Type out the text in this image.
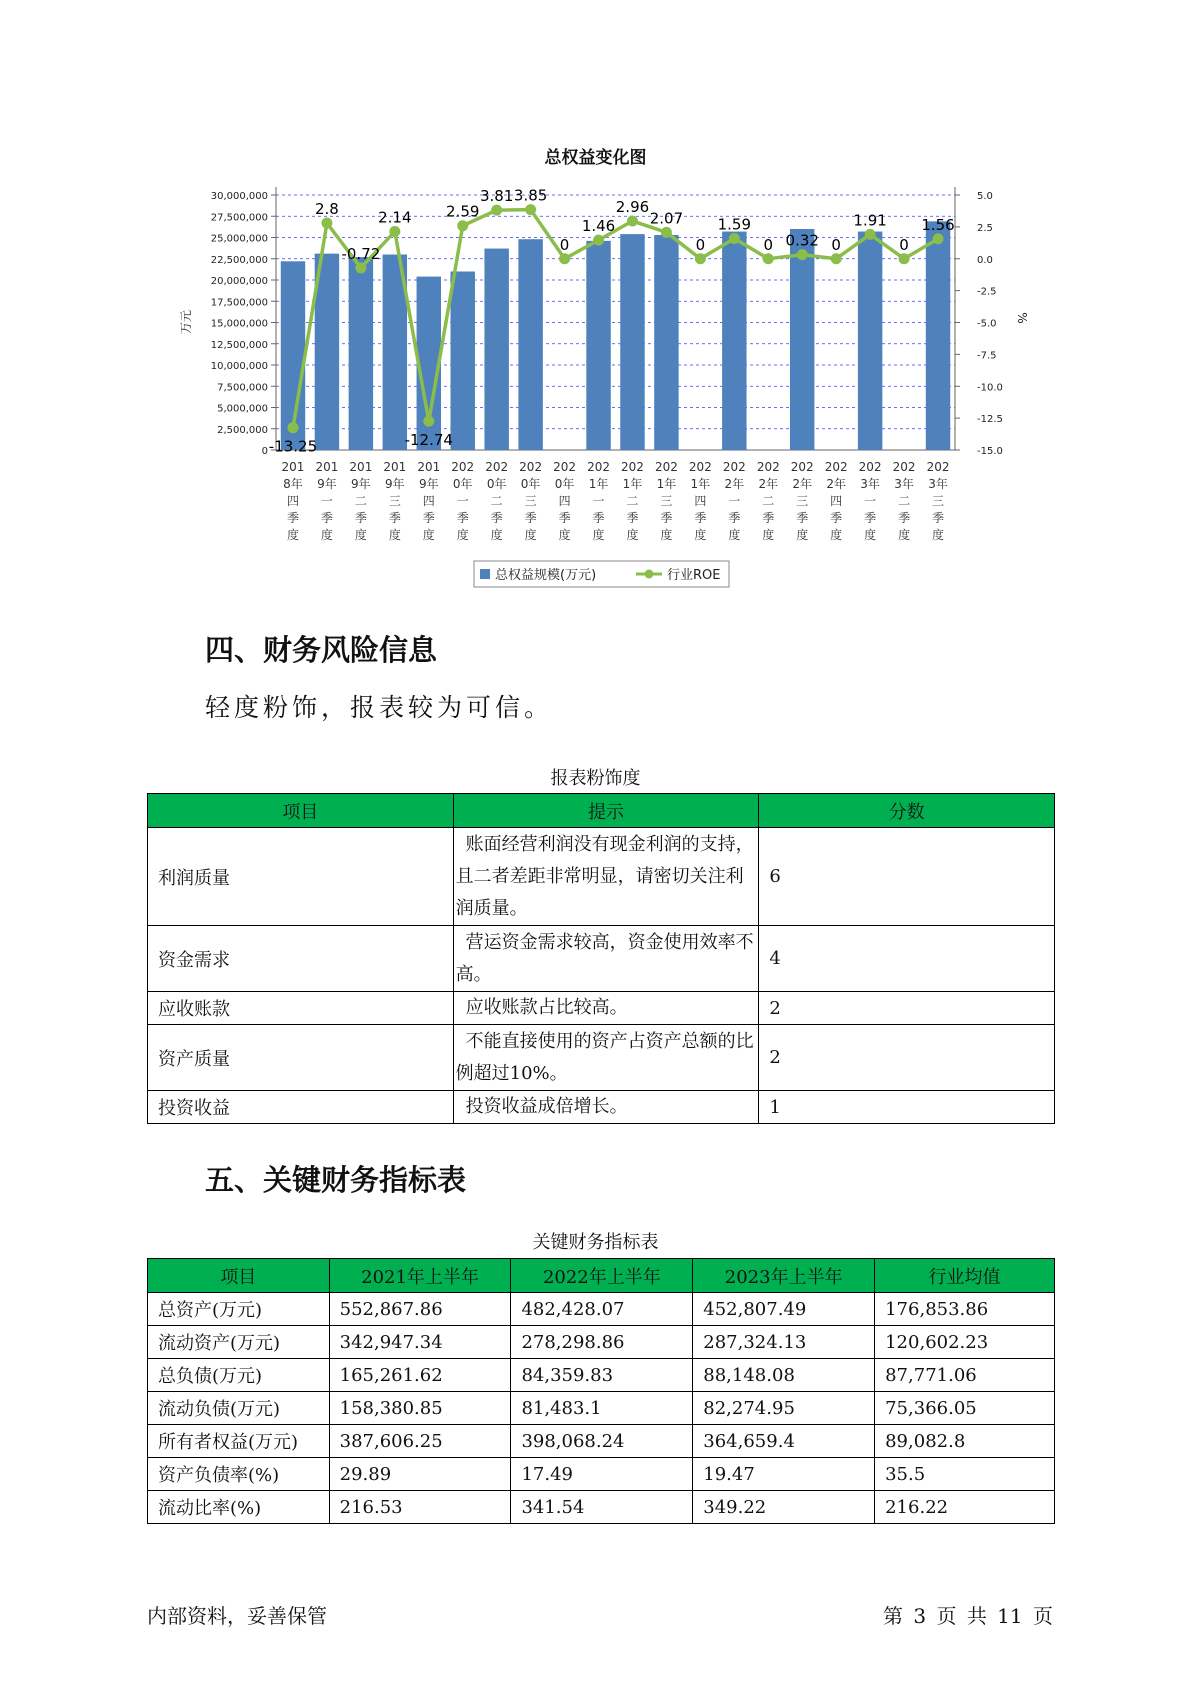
总权益变化图
30,000,000
27,500,000
25,000,000
22,500,000
20,000,000
17,500,000
15,000,000
12,500,000
10,000,000
7,500,000
5,000,000
2,500,000
0
5.0
2.5
0.0
-2.5
-5.0
-7.5
-10.0
-12.5
-15.0
万元	%
201 8年四季度
201 9年一季度
201 9年二季度
201 9年三季度
201 9年四季度
202 0年一季度
202 0年二季度
202 0年三季度
202 0年四季度
202 1年一季度
202 1年二季度
202 1年三季度
202 1年四季度
202 2年一季度
202 2年二季度
202 2年三季度
202 2年四季度
202 3年一季度
202 3年二季度
202 3年三季度
-13.25
2.8
-0.72
2.14
-12.74
2.59
3.81 3.85
0
1.46
2.96
2.07
0
1.59
0 0.32 0
1.91
0
1.56
总权益规模(万元)	行业ROE
四、财务风险信息

轻度粉饰，报表较为可信。

报表粉饰度
项目	提示	分数
利润质量	账面经营利润没有现金利润的支持，且二者差距非常明显，请密切关注利润质量。	6
资金需求	营运资金需求较高，资金使用效率不高。	4
应收账款	应收账款占比较高。	2
资产质量	不能直接使用的资产占资产总额的比例超过10%。	2
投资收益	投资收益成倍增长。	1
五、关键财务指标表
关键财务指标表
项目	2021年上半年	2022年上半年	2023年上半年	行业均值
总资产(万元)	552,867.86	482,428.07	452,807.49	176,853.86
流动资产(万元)	342,947.34	278,298.86	287,324.13	120,602.23
总负债(万元)	165,261.62	84,359.83	88,148.08	87,771.06
流动负债(万元)	158,380.85	81,483.1	82,274.95	75,366.05
所有者权益(万元)	387,606.25	398,068.24	364,659.4	89,082.8
资产负债率(%)	29.89	17.49	19.47	35.5
流动比率(%)	216.53	341.54	349.22	216.22
内部资料，妥善保管	第 3 页 共 11 页
